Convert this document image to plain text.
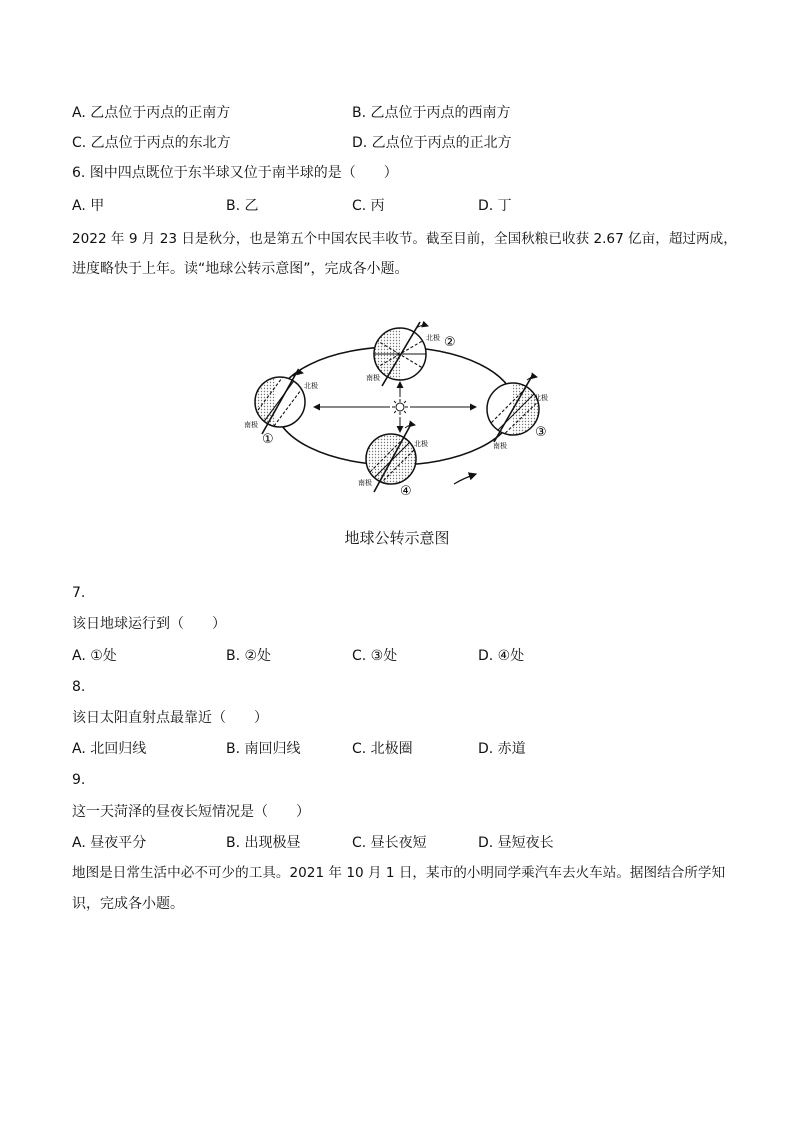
A. 乙点位于丙点的正南方	B. 乙点位于丙点的西南方
C. 乙点位于丙点的东北方	D. 乙点位于丙点的正北方
6. 图中四点既位于东半球又位于南半球的是（　　）
A. 甲	B. 乙	C. 丙	D. 丁
2022 年 9 月 23 日是秋分，也是第五个中国农民丰收节。截至目前，全国秋粮已收获 2.67 亿亩，超过两成，
进度略快于上年。读“地球公转示意图”，完成各小题。
北极
南极
①
北极
南极
②
北极
南极
③
北极
南极
④
地球公转示意图
7.
该日地球运行到（　　）
A. ①处	B. ②处	C. ③处	D. ④处
8.
该日太阳直射点最靠近（　　）
A. 北回归线	B. 南回归线	C. 北极圈	D. 赤道
9.
这一天菏泽的昼夜长短情况是（　　）
A. 昼夜平分	B. 出现极昼	C. 昼长夜短	D. 昼短夜长
地图是日常生活中必不可少的工具。2021 年 10 月 1 日，某市的小明同学乘汽车去火车站。据图结合所学知
识，完成各小题。
